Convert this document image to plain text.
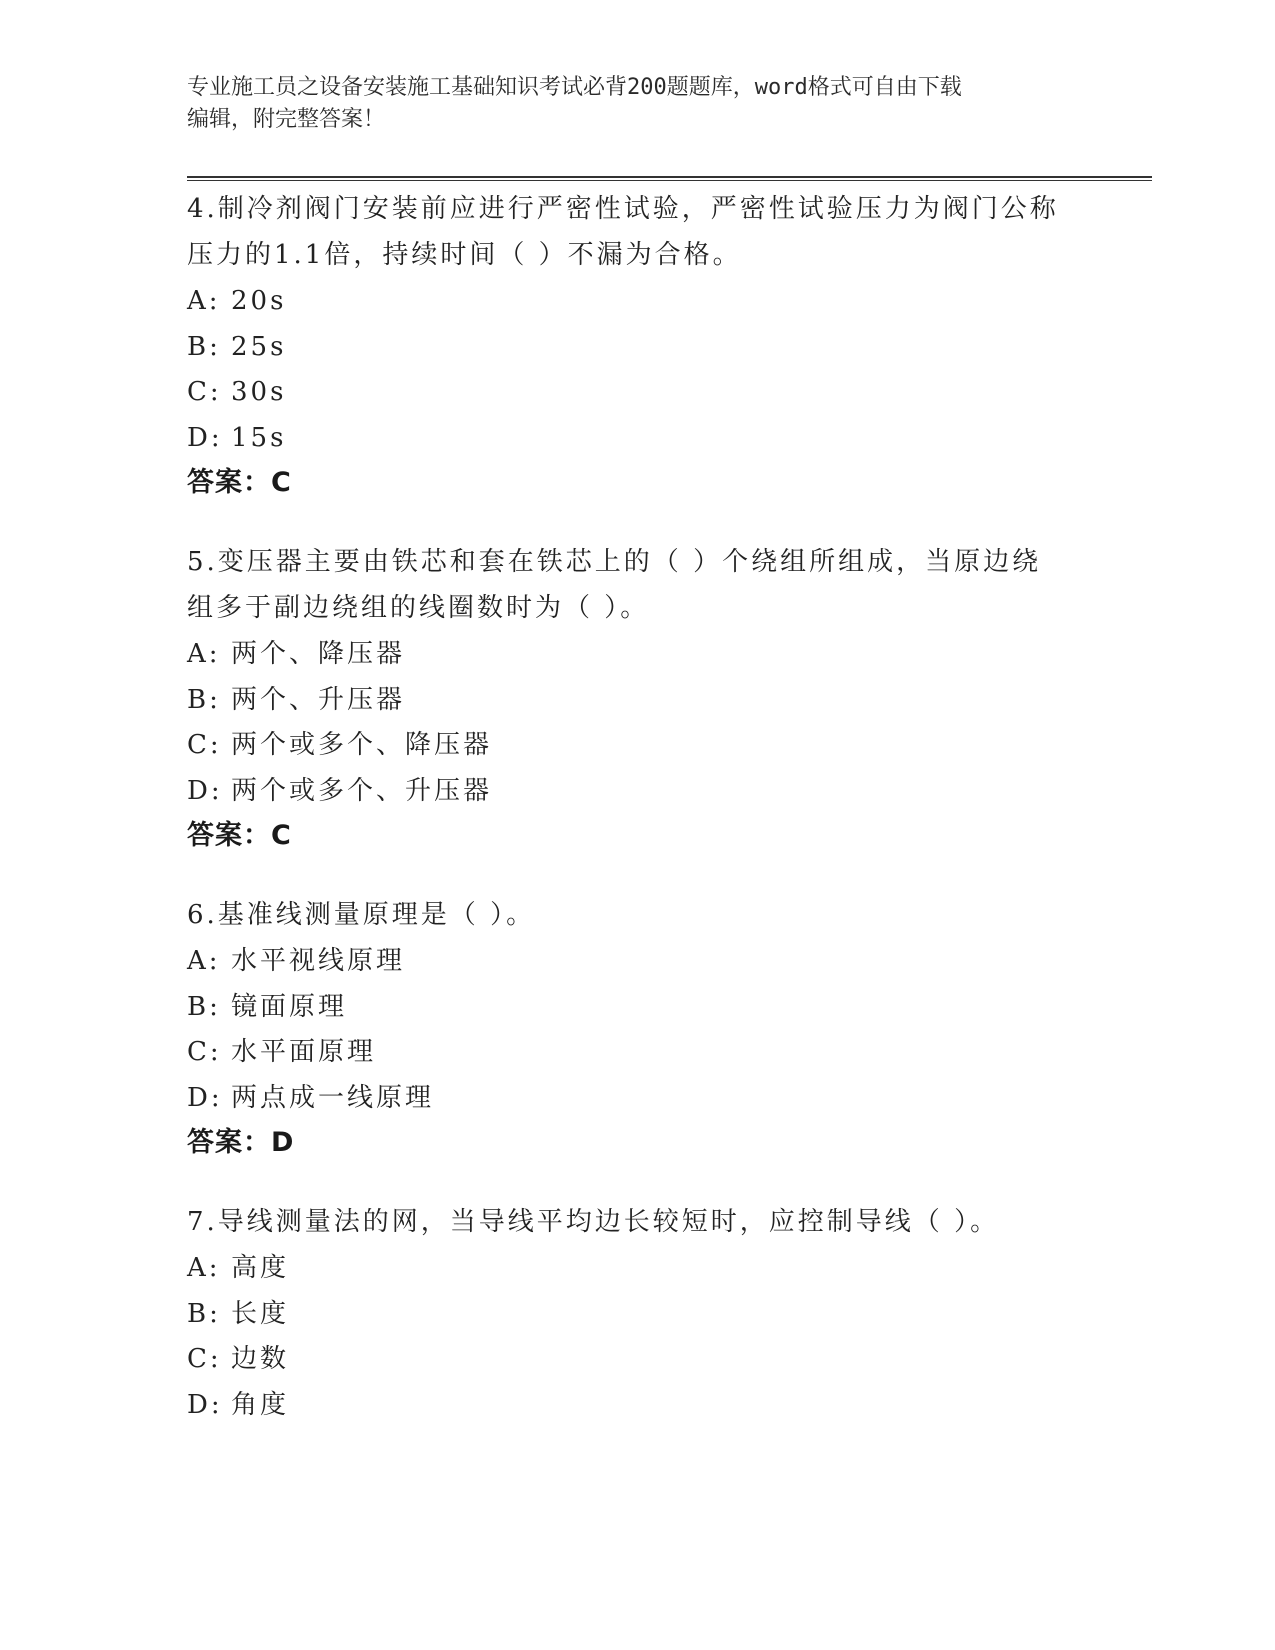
专业施工员之设备安装施工基础知识考试必背200题题库，word格式可自由下载
编辑，附完整答案！
4.制冷剂阀门安装前应进行严密性试验，严密性试验压力为阀门公称压力的1.1倍，持续时间（ ）不漏为合格。
A: 20s
B: 25s
C: 30s
D: 15s
答案：C
5.变压器主要由铁芯和套在铁芯上的（ ）个绕组所组成，当原边绕组多于副边绕组的线圈数时为（ ）。
A: 两个、降压器
B: 两个、升压器
C: 两个或多个、降压器
D: 两个或多个、升压器
答案：C
6.基准线测量原理是（ ）。
A: 水平视线原理
B: 镜面原理
C: 水平面原理
D: 两点成一线原理
答案：D
7.导线测量法的网，当导线平均边长较短时，应控制导线（ ）。
A: 高度
B: 长度
C: 边数
D: 角度
